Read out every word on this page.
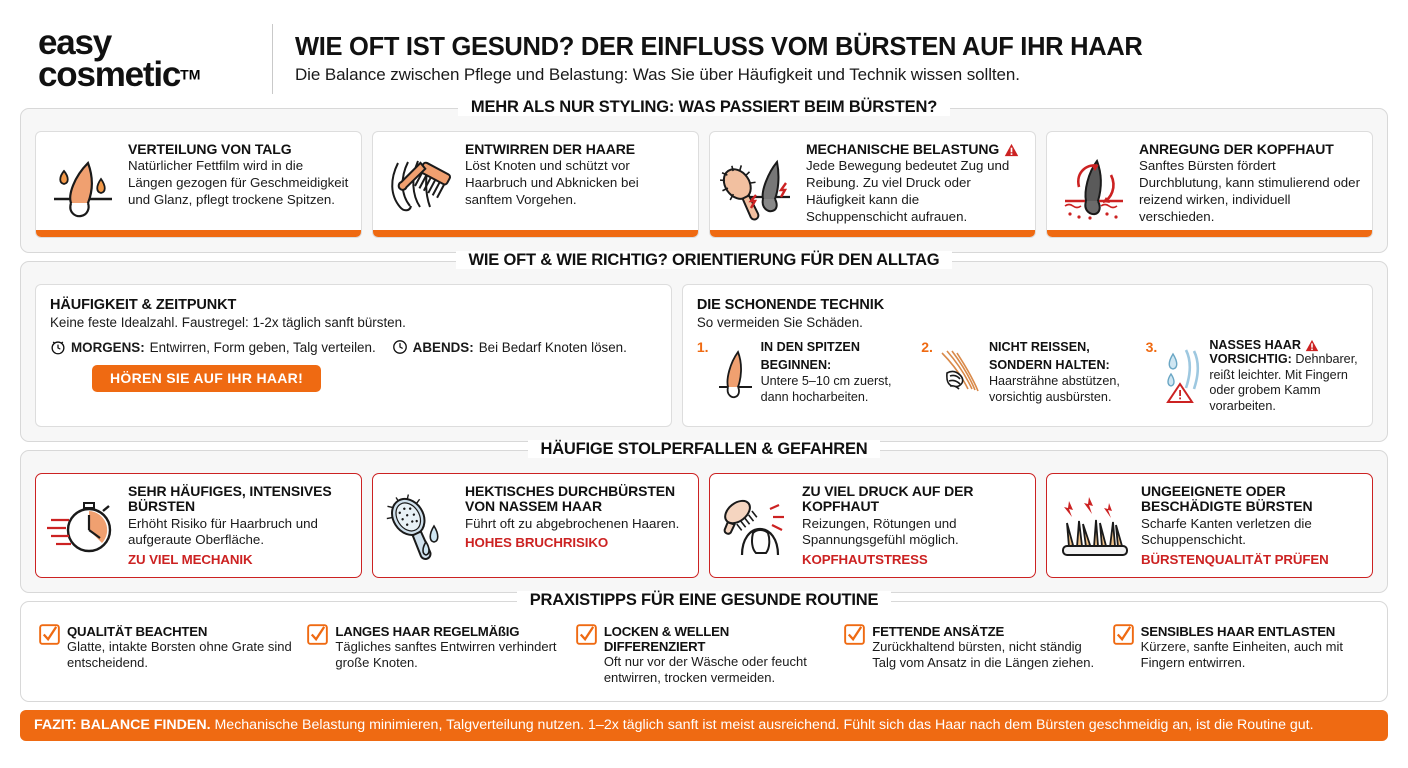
easy
cosmeticTM
WIE OFT IST GESUND? DER EINFLUSS VOM BÜRSTEN AUF IHR HAAR
Die Balance zwischen Pflege und Belastung: Was Sie über Häufigkeit und Technik wissen sollten.
MEHR ALS NUR STYLING: WAS PASSIERT BEIM BÜRSTEN?
VERTEILUNG VON TALG
Natürlicher Fettfilm wird in die Längen gezogen für Geschmeidigkeit und Glanz, pflegt trockene Spitzen.
ENTWIRREN DER HAARE
Löst Knoten und schützt vor Haarbruch und Abknicken bei sanftem Vorgehen.
MECHANISCHE BELASTUNG
Jede Bewegung bedeutet Zug und Reibung. Zu viel Druck oder Häufigkeit kann die Schuppenschicht aufrauen.
ANREGUNG DER KOPFHAUT
Sanftes Bürsten fördert Durchblutung, kann stimulierend oder reizend wirken, individuell verschieden.
WIE OFT & WIE RICHTIG? ORIENTIERUNG FÜR DEN ALLTAG
HÄUFIGKEIT & ZEITPUNKT
Keine feste Idealzahl. Faustregel: 1-2x täglich sanft bürsten.
MORGENS: Entwirren, Form geben, Talg verteilen.	ABENDS: Bei Bedarf Knoten lösen.
HÖREN SIE AUF IHR HAAR!
DIE SCHONENDE TECHNIK
So vermeiden Sie Schäden.
1.	IN DEN SPITZEN BEGINNEN:
Untere 5–10 cm zuerst, dann hocharbeiten.
2.	NICHT REISSEN, SONDERN HALTEN:
Haarsträhne abstützen, vorsichtig ausbürsten.
3.	NASSES HAAR
VORSICHTIG: Dehnbarer, reißt leichter. Mit Fingern oder grobem Kamm vorarbeiten.
HÄUFIGE STOLPERFALLEN & GEFAHREN
SEHR HÄUFIGES, INTENSIVES BÜRSTEN
Erhöht Risiko für Haarbruch und aufgeraute Oberfläche.
ZU VIEL MECHANIK
HEKTISCHES DURCHBÜRSTEN VON NASSEM HAAR
Führt oft zu abgebrochenen Haaren.
HOHES BRUCHRISIKO
ZU VIEL DRUCK AUF DER KOPFHAUT
Reizungen, Rötungen und Spannungsgefühl möglich.
KOPFHAUTSTRESS
UNGEEIGNETE ODER BESCHÄDIGTE BÜRSTEN
Scharfe Kanten verletzen die Schuppenschicht.
BÜRSTENQUALITÄT PRÜFEN
PRAXISTIPPS FÜR EINE GESUNDE ROUTINE
QUALITÄT BEACHTEN
Glatte, intakte Borsten ohne Grate sind entscheidend.
LANGES HAAR REGELMÄßIG
Tägliches sanftes Entwirren verhindert große Knoten.
LOCKEN & WELLEN DIFFERENZIERT
Oft nur vor der Wäsche oder feucht entwirren, trocken vermeiden.
FETTENDE ANSÄTZE
Zurückhaltend bürsten, nicht ständig Talg vom Ansatz in die Längen ziehen.
SENSIBLES HAAR ENTLASTEN
Kürzere, sanfte Einheiten, auch mit Fingern entwirren.
FAZIT: BALANCE FINDEN. Mechanische Belastung minimieren, Talgverteilung nutzen. 1–2x täglich sanft ist meist ausreichend. Fühlt sich das Haar nach dem Bürsten geschmeidig an, ist die Routine gut.
